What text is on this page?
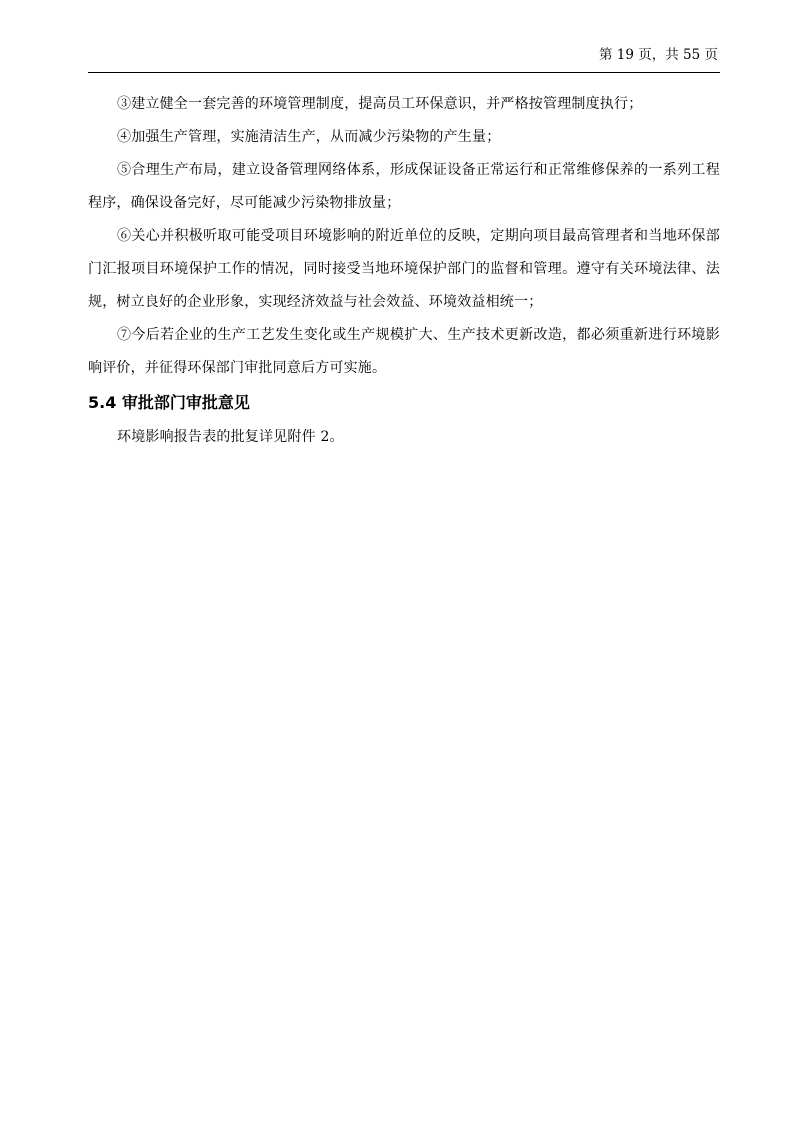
第 19 页，共 55 页

③建立健全一套完善的环境管理制度，提高员工环保意识，并严格按管理制度执行；

④加强生产管理，实施清洁生产，从而减少污染物的产生量；

⑤合理生产布局，建立设备管理网络体系，形成保证设备正常运行和正常维修保养的一系列工程程序，确保设备完好，尽可能减少污染物排放量；

⑥关心并积极听取可能受项目环境影响的附近单位的反映，定期向项目最高管理者和当地环保部门汇报项目环境保护工作的情况，同时接受当地环境保护部门的监督和管理。遵守有关环境法律、法规，树立良好的企业形象，实现经济效益与社会效益、环境效益相统一；

⑦今后若企业的生产工艺发生变化或生产规模扩大、生产技术更新改造，都必须重新进行环境影响评价，并征得环保部门审批同意后方可实施。

5.4 审批部门审批意见

环境影响报告表的批复详见附件 2。
